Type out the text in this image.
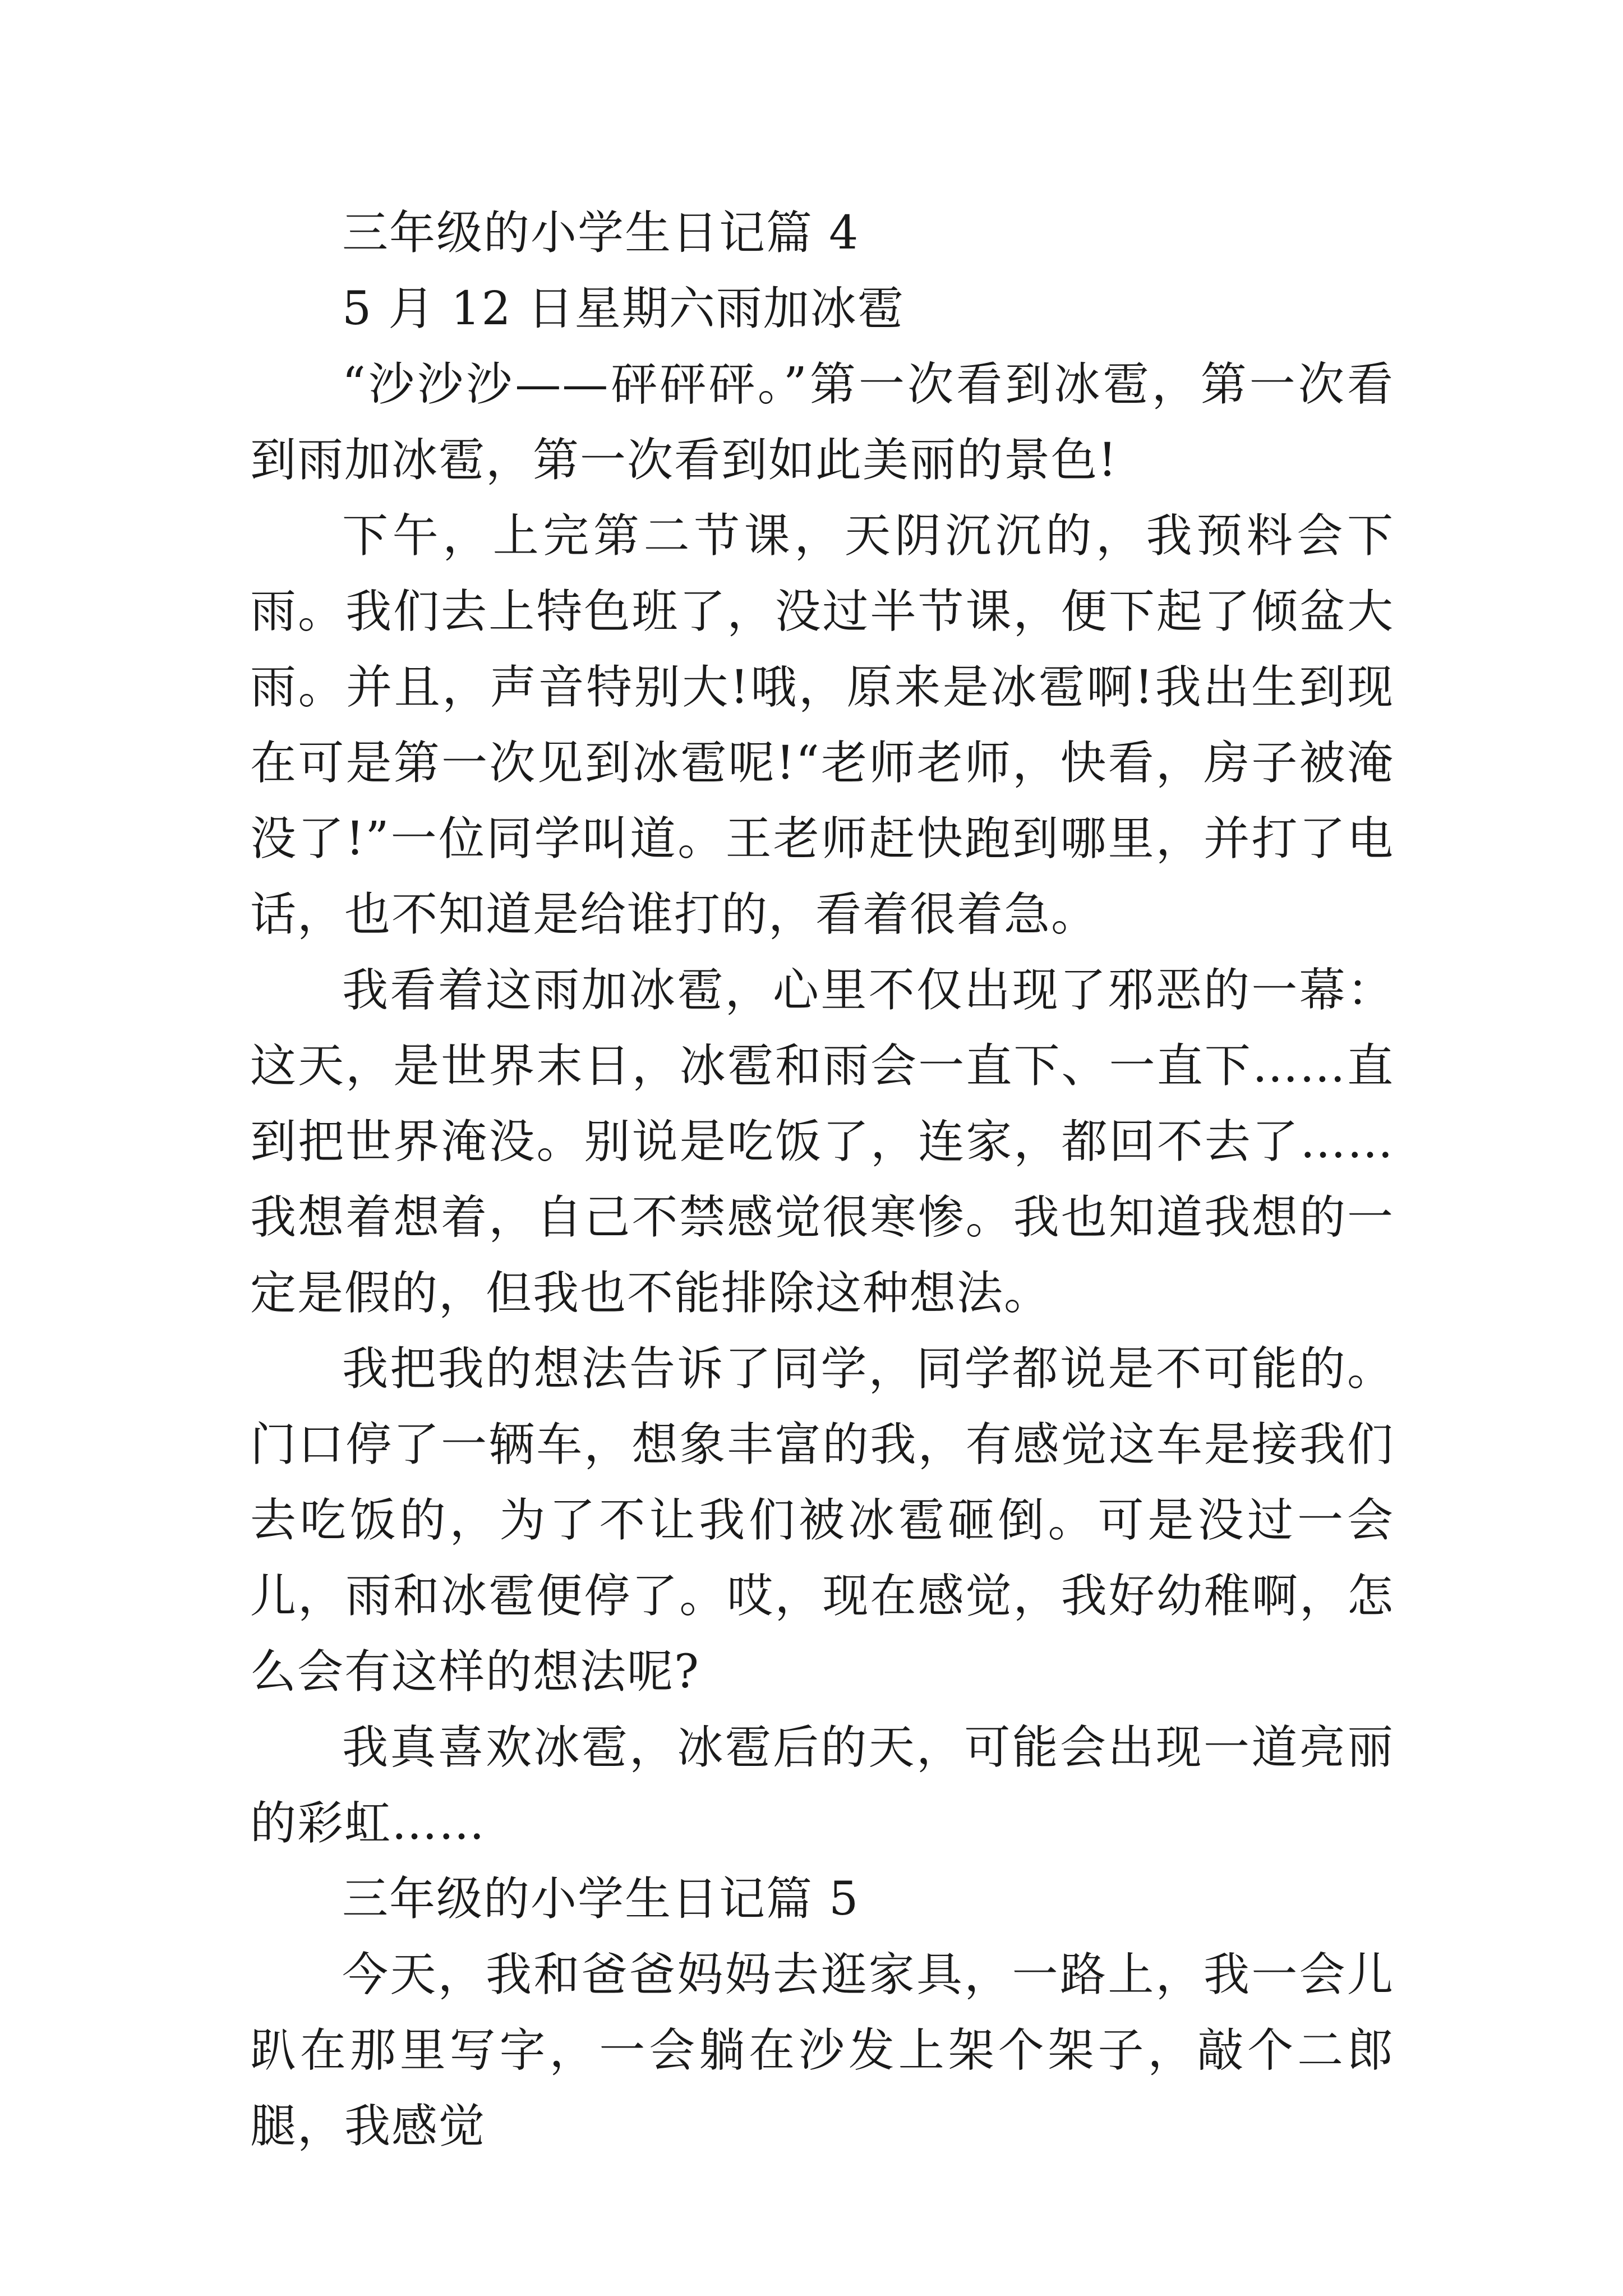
三年级的小学生日记篇 4

5 月 12 日星期六雨加冰雹

“沙沙沙——砰砰砰。”第一次看到冰雹，第一次看到雨加冰雹，第一次看到如此美丽的景色!

下午，上完第二节课，天阴沉沉的，我预料会下雨。我们去上特色班了，没过半节课，便下起了倾盆大雨。并且，声音特别大!哦，原来是冰雹啊!我出生到现在可是第一次见到冰雹呢!“老师老师，快看，房子被淹没了!”一位同学叫道。王老师赶快跑到哪里，并打了电话，也不知道是给谁打的，看着很着急。

我看着这雨加冰雹，心里不仅出现了邪恶的一幕：这天，是世界末日，冰雹和雨会一直下、一直下……直到把世界淹没。别说是吃饭了，连家，都回不去了……我想着想着，自己不禁感觉很寒惨。我也知道我想的一定是假的，但我也不能排除这种想法。

我把我的想法告诉了同学，同学都说是不可能的。门口停了一辆车，想象丰富的我，有感觉这车是接我们去吃饭的，为了不让我们被冰雹砸倒。可是没过一会儿，雨和冰雹便停了。哎，现在感觉，我好幼稚啊，怎么会有这样的想法呢?

我真喜欢冰雹，冰雹后的天，可能会出现一道亮丽的彩虹……

三年级的小学生日记篇 5

今天，我和爸爸妈妈去逛家具，一路上，我一会儿趴在那里写字，一会躺在沙发上架个架子，敲个二郎腿，我感觉
